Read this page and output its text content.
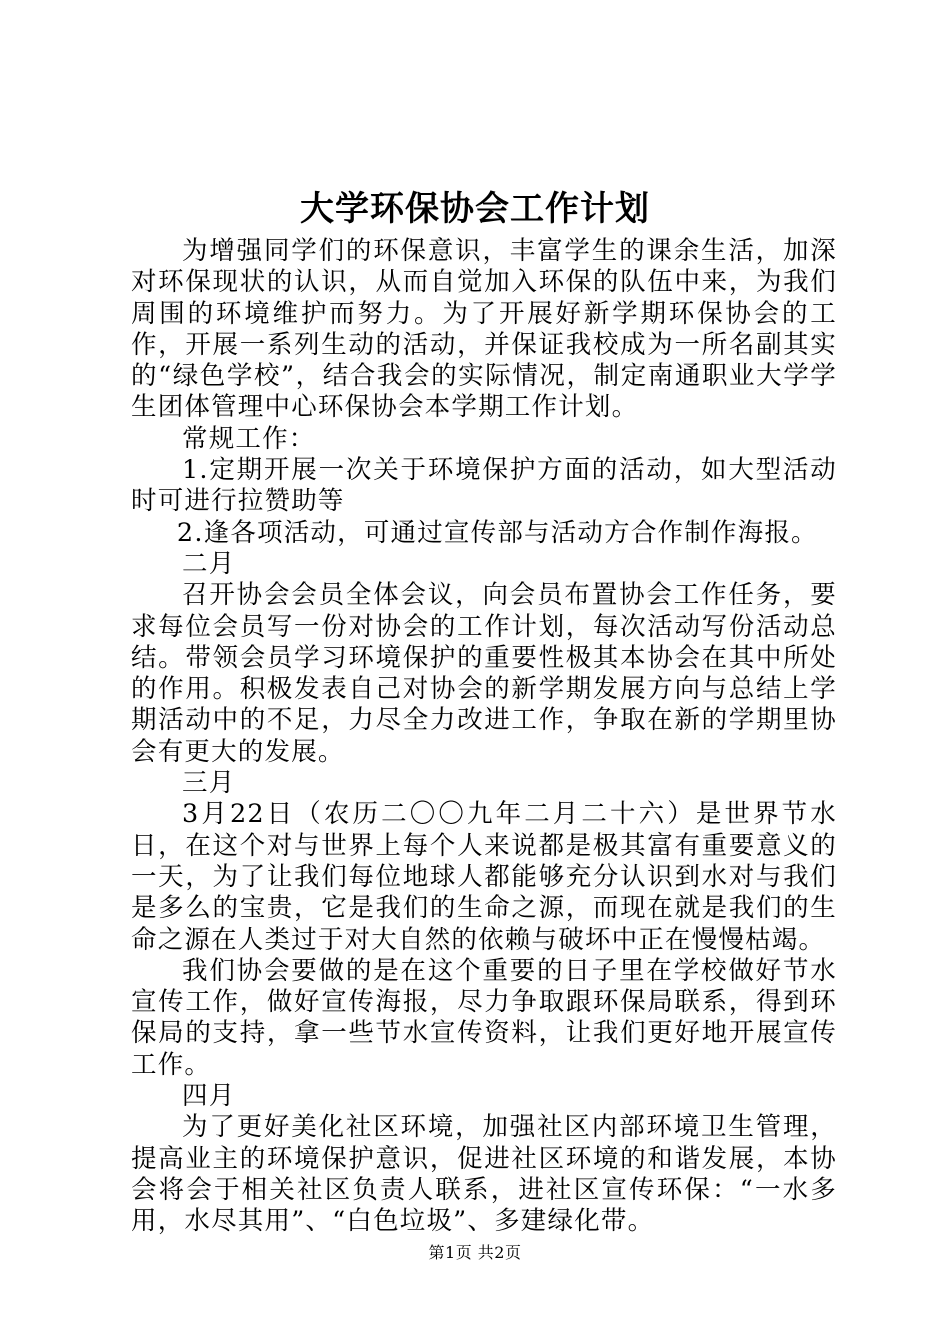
大学环保协会工作计划

为增强同学们的环保意识，丰富学生的课余生活，加深对环保现状的认识，从而自觉加入环保的队伍中来，为我们周围的环境维护而努力。为了开展好新学期环保协会的工作，开展一系列生动的活动，并保证我校成为一所名副其实的“绿色学校”，结合我会的实际情况，制定南通职业大学学生团体管理中心环保协会本学期工作计划。

常规工作：

1.定期开展一次关于环境保护方面的活动，如大型活动时可进行拉赞助等

2.逢各项活动，可通过宣传部与活动方合作制作海报。

二月

召开协会会员全体会议，向会员布置协会工作任务，要求每位会员写一份对协会的工作计划，每次活动写份活动总结。带领会员学习环境保护的重要性极其本协会在其中所处的作用。积极发表自己对协会的新学期发展方向与总结上学期活动中的不足，力尽全力改进工作，争取在新的学期里协会有更大的发展。

三月

3月22日（农历二〇〇九年二月二十六）是世界节水日，在这个对与世界上每个人来说都是极其富有重要意义的一天，为了让我们每位地球人都能够充分认识到水对与我们是多么的宝贵，它是我们的生命之源，而现在就是我们的生命之源在人类过于对大自然的依赖与破坏中正在慢慢枯竭。

我们协会要做的是在这个重要的日子里在学校做好节水宣传工作，做好宣传海报，尽力争取跟环保局联系，得到环保局的支持，拿一些节水宣传资料，让我们更好地开展宣传工作。

四月

为了更好美化社区环境，加强社区内部环境卫生管理，提高业主的环境保护意识，促进社区环境的和谐发展，本协会将会于相关社区负责人联系，进社区宣传环保：“一水多用，水尽其用”、“白色垃圾”、多建绿化带。

第1页 共2页
